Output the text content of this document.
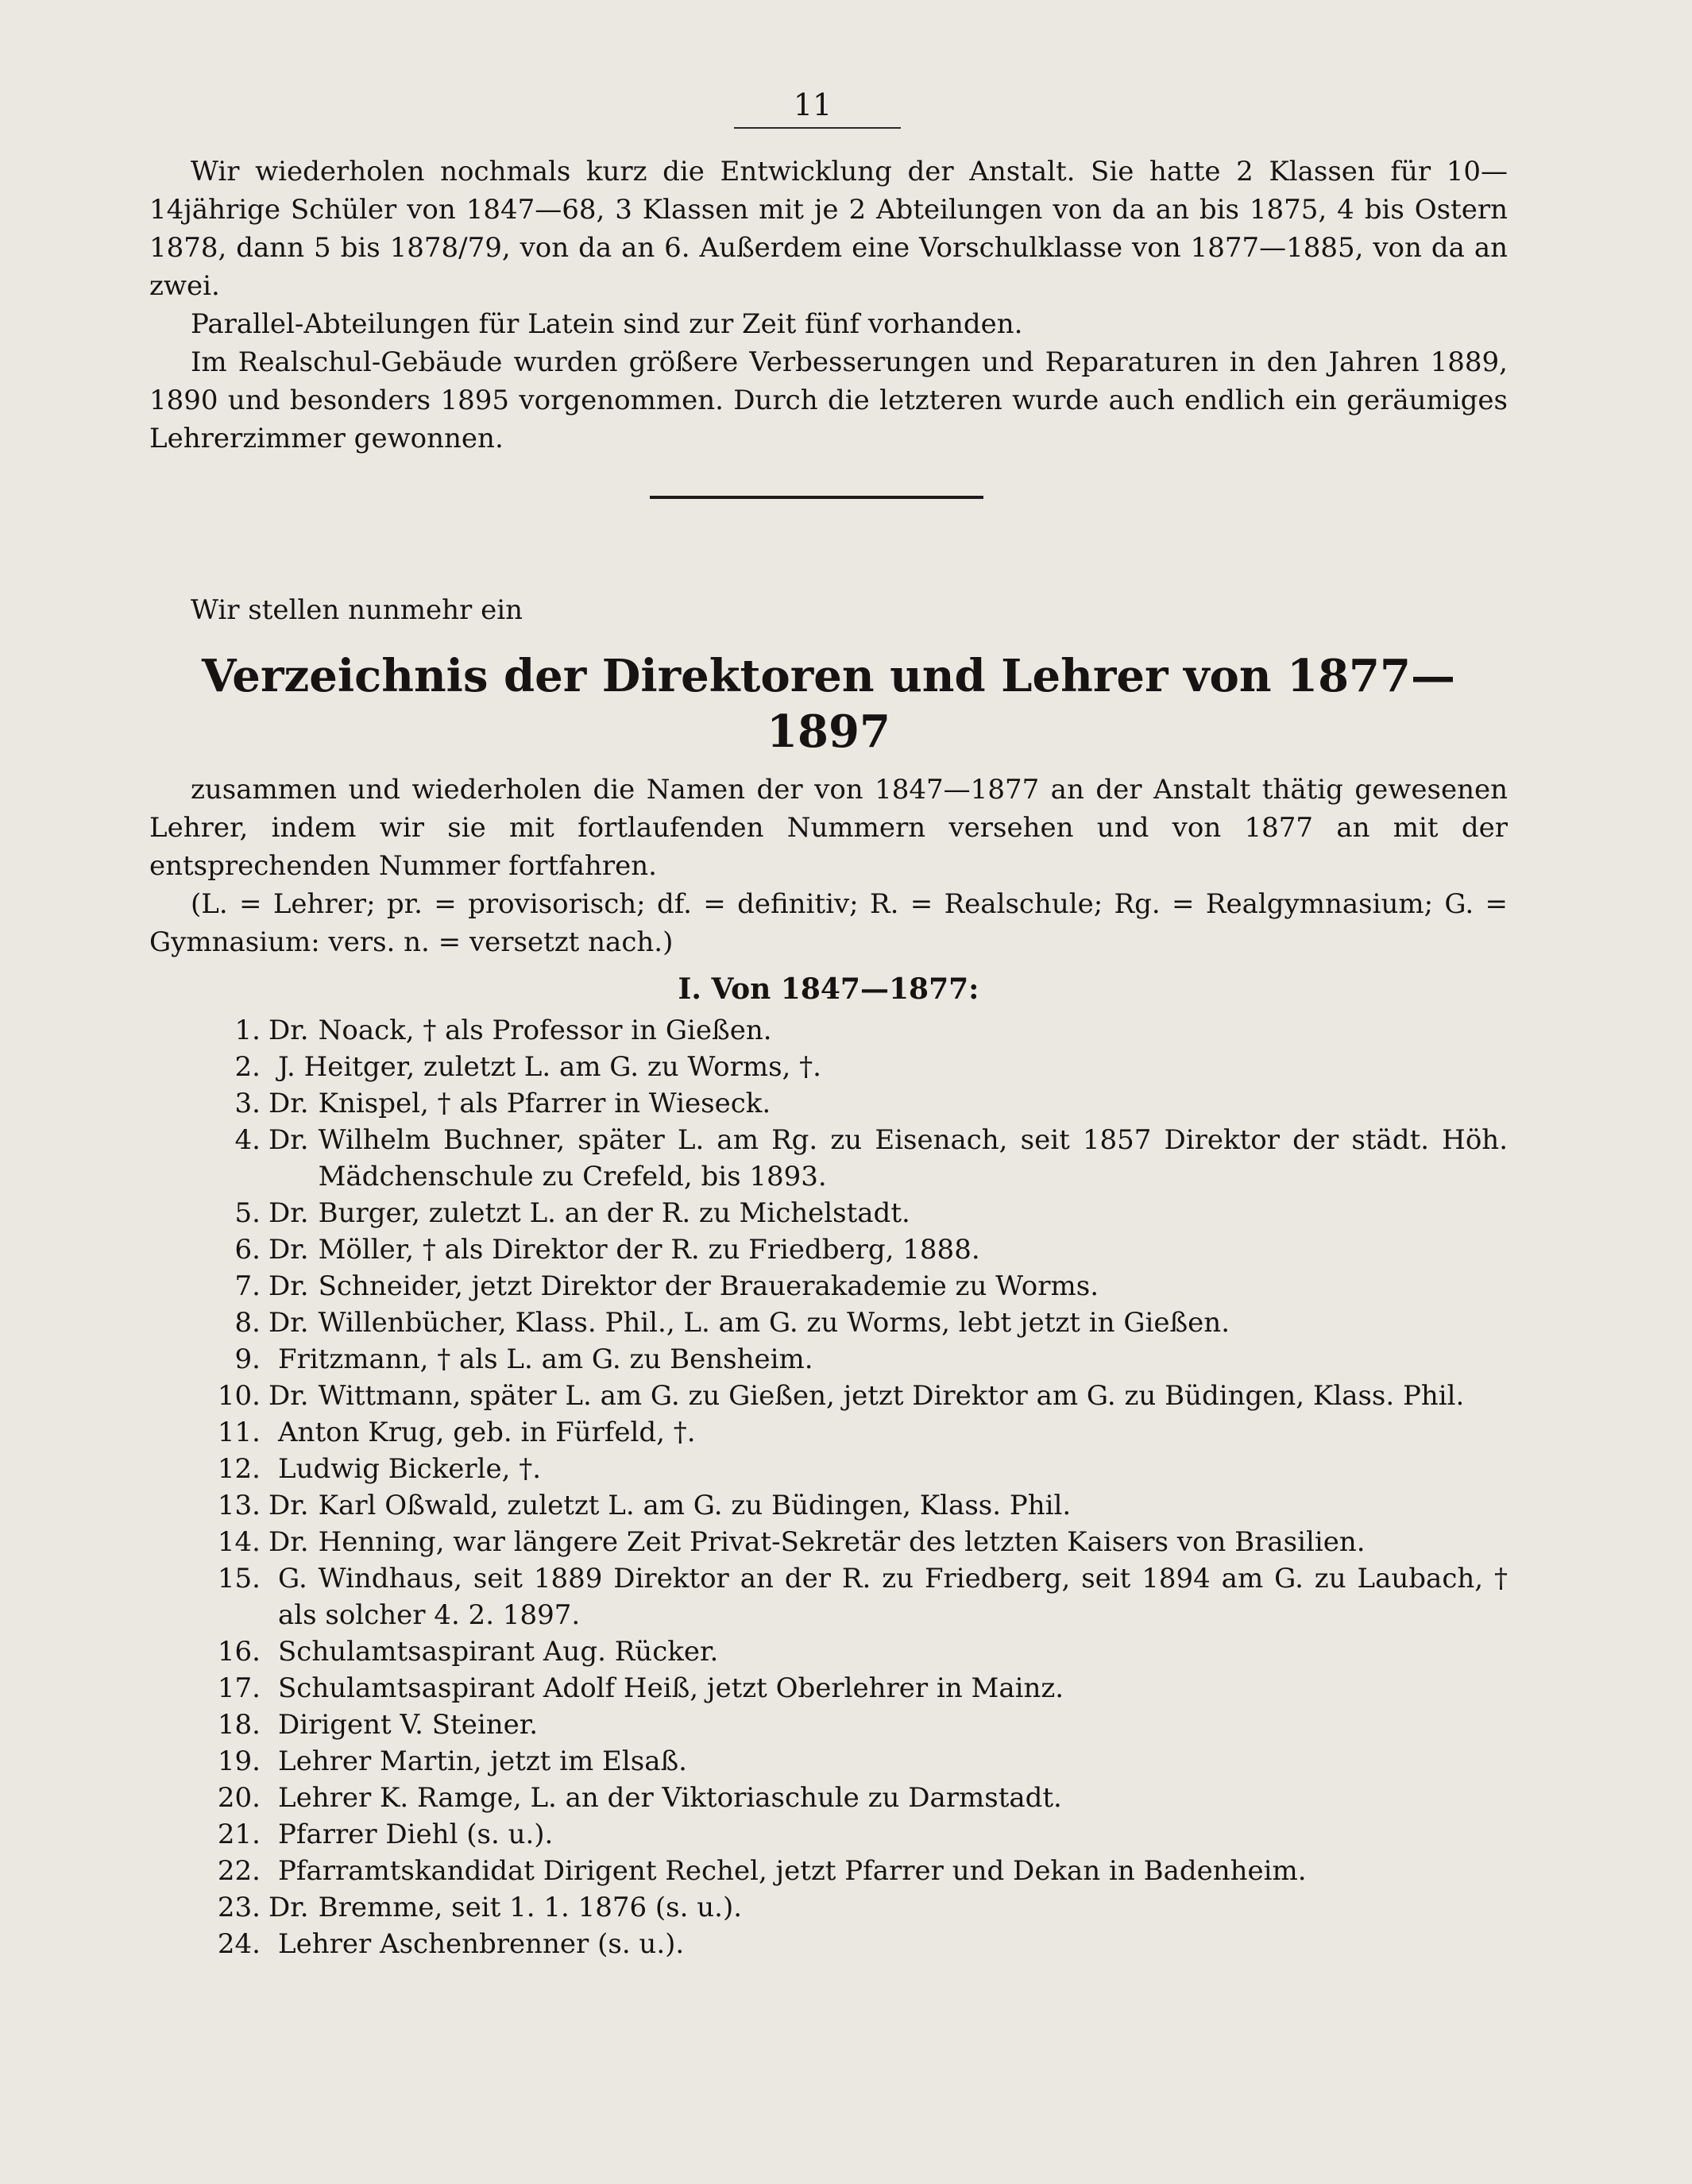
11

Wir wiederholen nochmals kurz die Entwicklung der Anstalt. Sie hatte 2 Klassen für 10—14jährige Schüler von 1847—68, 3 Klassen mit je 2 Abteilungen von da an bis 1875, 4 bis Ostern 1878, dann 5 bis 1878/79, von da an 6. Außerdem eine Vorschulklasse von 1877—1885, von da an zwei.

Parallel-Abteilungen für Latein sind zur Zeit fünf vorhanden.

Im Realschul-Gebäude wurden größere Verbesserungen und Reparaturen in den Jahren 1889, 1890 und besonders 1895 vorgenommen. Durch die letzteren wurde auch endlich ein geräumiges Lehrerzimmer gewonnen.

Wir stellen nunmehr ein
Verzeichnis der Direktoren und Lehrer von 1877—1897

zusammen und wiederholen die Namen der von 1847—1877 an der Anstalt thätig gewesenen Lehrer, indem wir sie mit fortlaufenden Nummern versehen und von 1877 an mit der entsprechenden Nummer fortfahren.

(L. = Lehrer; pr. = provisorisch; df. = definitiv; R. = Realschule; Rg. = Realgymnasium; G. = Gymnasium: vers. n. = versetzt nach.)

I. Von 1847—1877:
1. Dr. Noack, † als Professor in Gießen.
2. J. Heitger, zuletzt L. am G. zu Worms, †.
3. Dr. Knispel, † als Pfarrer in Wieseck.
4. Dr. Wilhelm Buchner, später L. am Rg. zu Eisenach, seit 1857 Direktor der städt. Höh. Mädchenschule zu Crefeld, bis 1893.
5. Dr. Burger, zuletzt L. an der R. zu Michelstadt.
6. Dr. Möller, † als Direktor der R. zu Friedberg, 1888.
7. Dr. Schneider, jetzt Direktor der Brauerakademie zu Worms.
8. Dr. Willenbücher, Klass. Phil., L. am G. zu Worms, lebt jetzt in Gießen.
9. Fritzmann, † als L. am G. zu Bensheim.
10. Dr. Wittmann, später L. am G. zu Gießen, jetzt Direktor am G. zu Büdingen, Klass. Phil.
11. Anton Krug, geb. in Fürfeld, †.
12. Ludwig Bickerle, †.
13. Dr. Karl Oßwald, zuletzt L. am G. zu Büdingen, Klass. Phil.
14. Dr. Henning, war längere Zeit Privat-Sekretär des letzten Kaisers von Brasilien.
15. G. Windhaus, seit 1889 Direktor an der R. zu Friedberg, seit 1894 am G. zu Laubach, † als solcher 4. 2. 1897.
16. Schulamtsaspirant Aug. Rücker.
17. Schulamtsaspirant Adolf Heiß, jetzt Oberlehrer in Mainz.
18. Dirigent V. Steiner.
19. Lehrer Martin, jetzt im Elsaß.
20. Lehrer K. Ramge, L. an der Viktoriaschule zu Darmstadt.
21. Pfarrer Diehl (s. u.).
22. Pfarramtskandidat Dirigent Rechel, jetzt Pfarrer und Dekan in Badenheim.
23. Dr. Bremme, seit 1. 1. 1876 (s. u.).
24. Lehrer Aschenbrenner (s. u.).
